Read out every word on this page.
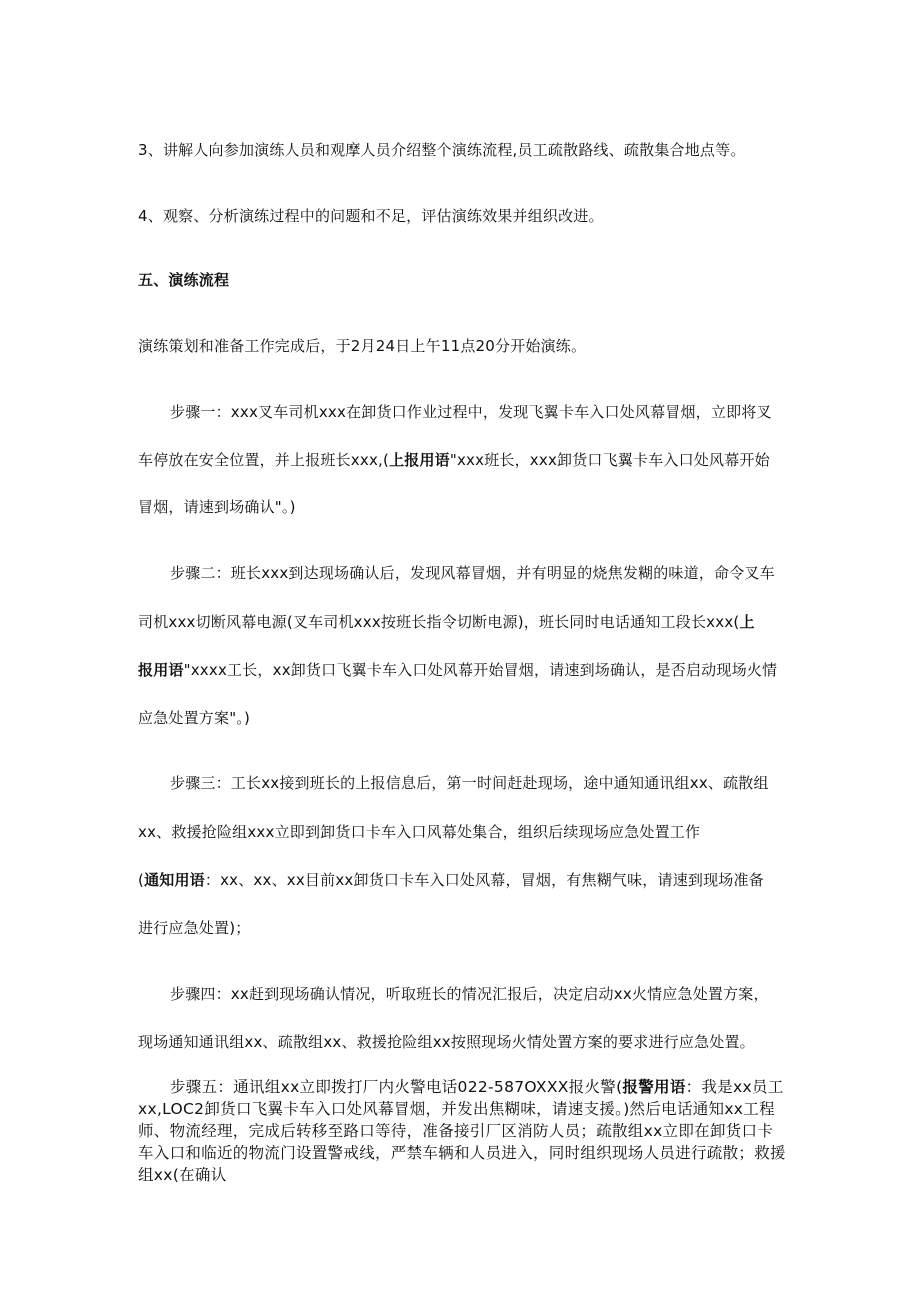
3、讲解人向参加演练人员和观摩人员介绍整个演练流程,员工疏散路线、疏散集合地点等。
4、观察、分析演练过程中的问题和不足，评估演练效果并组织改进。
五、演练流程
演练策划和准备工作完成后，于2月24日上午11点20分开始演练。
步骤一：xxx叉车司机xxx在卸货口作业过程中，发现飞翼卡车入口处风幕冒烟，立即将叉
车停放在安全位置，并上报班长xxx,(上报用语"xxx班长，xxx卸货口飞翼卡车入口处风幕开始
冒烟，请速到场确认"。)
步骤二：班长xxx到达现场确认后，发现风幕冒烟，并有明显的烧焦发糊的味道，命令叉车
司机xxx切断风幕电源(叉车司机xxx按班长指令切断电源)，班长同时电话通知工段长xxx(上
报用语"xxxx工长，xx卸货口飞翼卡车入口处风幕开始冒烟，请速到场确认，是否启动现场火情
应急处置方案"。)
步骤三：工长xx接到班长的上报信息后，第一时间赶赴现场，途中通知通讯组xx、疏散组
xx、救援抢险组xxx立即到卸货口卡车入口风幕处集合，组织后续现场应急处置工作
(通知用语：xx、xx、xx目前xx卸货口卡车入口处风幕，冒烟，有焦糊气味，请速到现场准备
进行应急处置)；
步骤四：xx赶到现场确认情况，听取班长的情况汇报后，决定启动xx火情应急处置方案，
现场通知通讯组xx、疏散组xx、救援抢险组xx按照现场火情处置方案的要求进行应急处置。
步骤五：通讯组xx立即拨打厂内火警电话022-587OXXX报火警(报警用语：我是xx员工xx,LOC2卸货口飞翼卡车入口处风幕冒烟，并发出焦糊味，请速支援。)然后电话通知xx工程师、物流经理，完成后转移至路口等待，准备接引厂区消防人员；疏散组xx立即在卸货口卡车入口和临近的物流门设置警戒线，严禁车辆和人员进入，同时组织现场人员进行疏散；救援组xx(在确认
